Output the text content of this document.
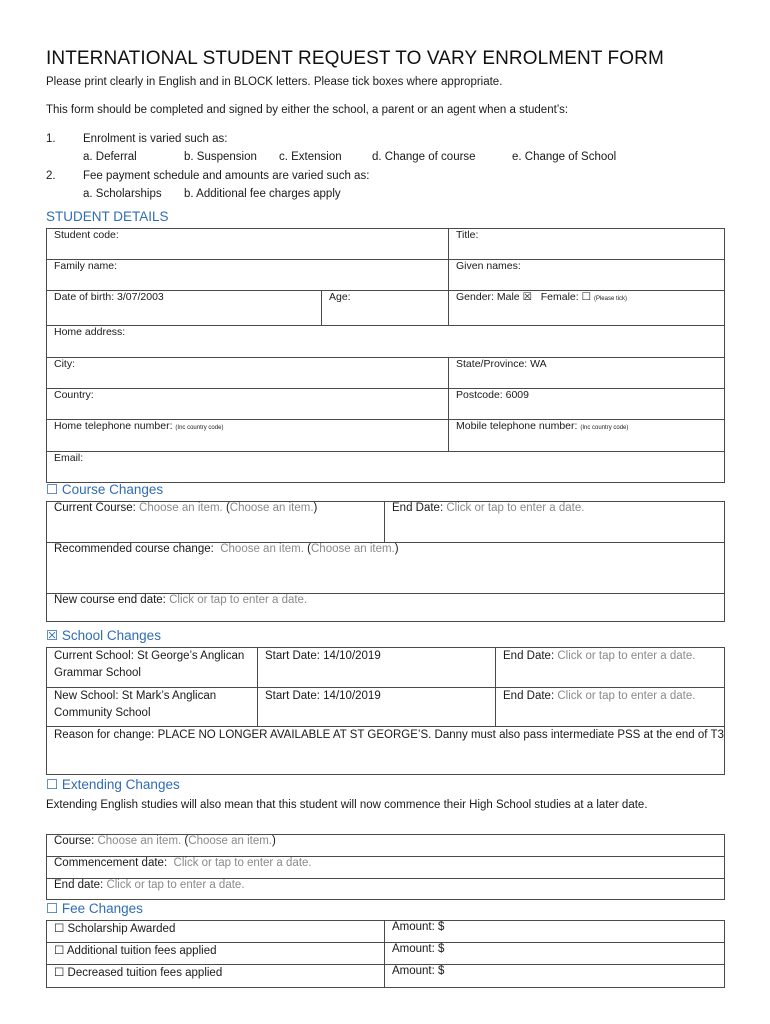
INTERNATIONAL STUDENT REQUEST TO VARY ENROLMENT FORM
Please print clearly in English and in BLOCK letters. Please tick boxes where appropriate.
This form should be completed and signed by either the school, a parent or an agent when a student’s:
1. Enrolment is varied such as:
a. Deferral	b. Suspension c. Extension	d. Change of course	e. Change of School
2. Fee payment schedule and amounts are varied such as:
a. Scholarships b. Additional fee charges apply
STUDENT DETAILS
Student code:		Title:
Family name:		Given names:
Date of birth: 3/07/2003	Age:	Gender: Male ☒ Female: ☐ (Please tick)
Home address:		
City:		State/Province: WA
Country:		Postcode: 6009
Home telephone number: (Inc country code)		Mobile telephone number: (Inc country code)
Email:		
☐ Course Changes
Current Course: Choose an item. (Choose an item.)	End Date: Click or tap to enter a date.
Recommended course change: Choose an item. (Choose an item.)
New course end date: Click or tap to enter a date.
☒ School Changes
Current School: St George’s Anglican Grammar School	Start Date: 14/10/2019	End Date: Click or tap to enter a date.
New School: St Mark’s Anglican Community School	Start Date: 14/10/2019	End Date: Click or tap to enter a date.
Reason for change: PLACE NO LONGER AVAILABLE AT ST GEORGE’S. Danny must also pass intermediate PSS at the end of T3		
☐ Extending Changes
Extending English studies will also mean that this student will now commence their High School studies at a later date.
Course: Choose an item. (Choose an item.)
Commencement date: Click or tap to enter a date.
End date: Click or tap to enter a date.
☐ Fee Changes
☐ Scholarship Awarded	Amount: $
☐ Additional tuition fees applied	Amount: $
☐ Decreased tuition fees applied	Amount: $
